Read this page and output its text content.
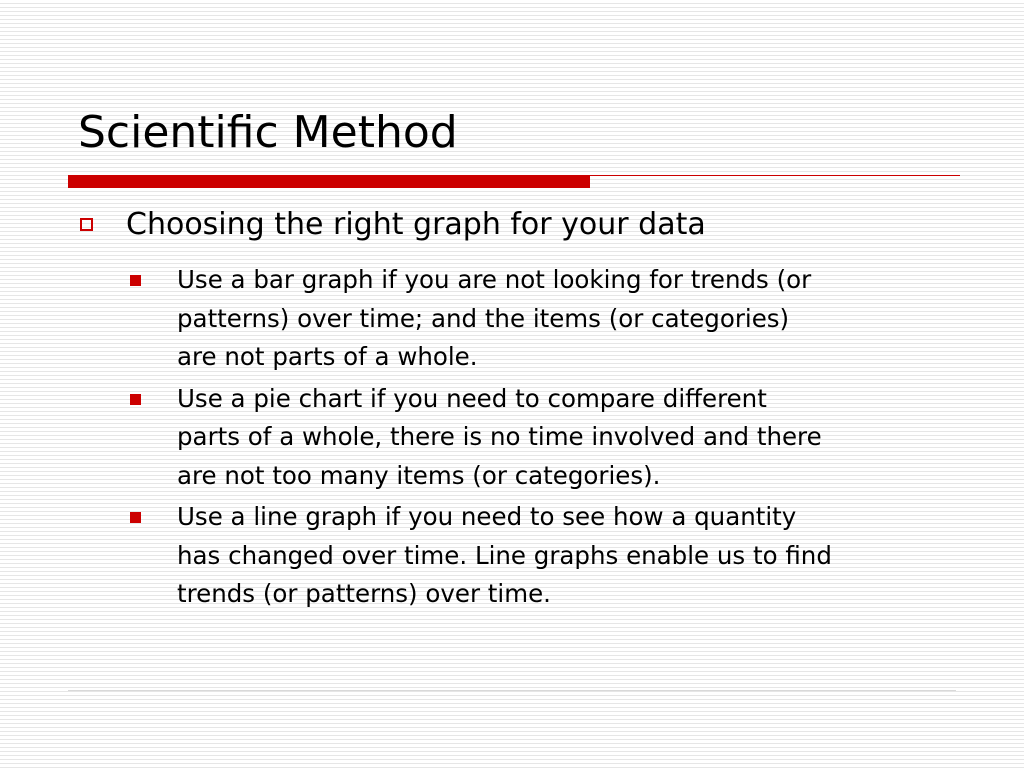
Scientific Method
Choosing the right graph for your data
Use a bar graph if you are not looking for trends (or
patterns) over time; and the items (or categories)
are not parts of a whole.
Use a pie chart if you need to compare different
parts of a whole, there is no time involved and there
are not too many items (or categories).
Use a line graph if you need to see how a quantity
has changed over time. Line graphs enable us to find
trends (or patterns) over time.
